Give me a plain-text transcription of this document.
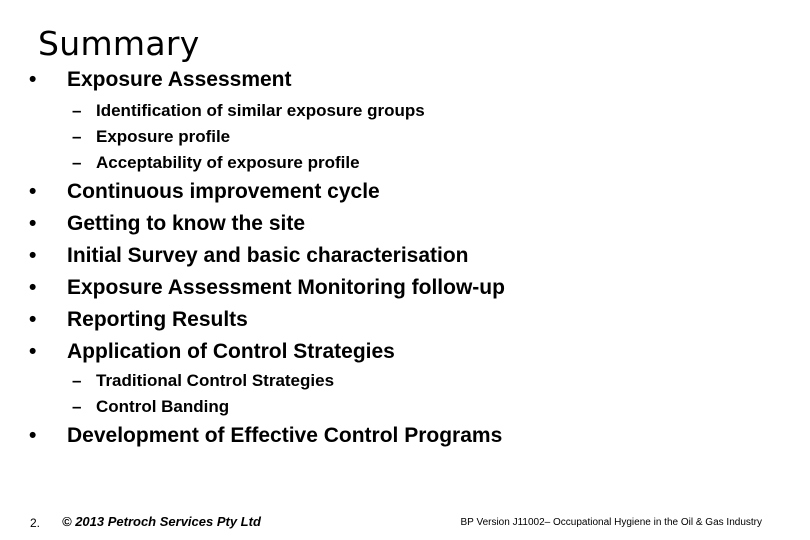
Summary
• Exposure Assessment
– Identification of similar exposure groups
– Exposure profile
– Acceptability of exposure profile
• Continuous improvement cycle
• Getting to know the site
• Initial Survey and basic characterisation
• Exposure Assessment Monitoring follow-up
• Reporting Results
• Application of Control Strategies
– Traditional Control Strategies
– Control Banding
• Development of Effective Control Programs
2. © 2013 Petroch Services Pty Ltd	BP Version J11002– Occupational Hygiene in the Oil & Gas Industry
